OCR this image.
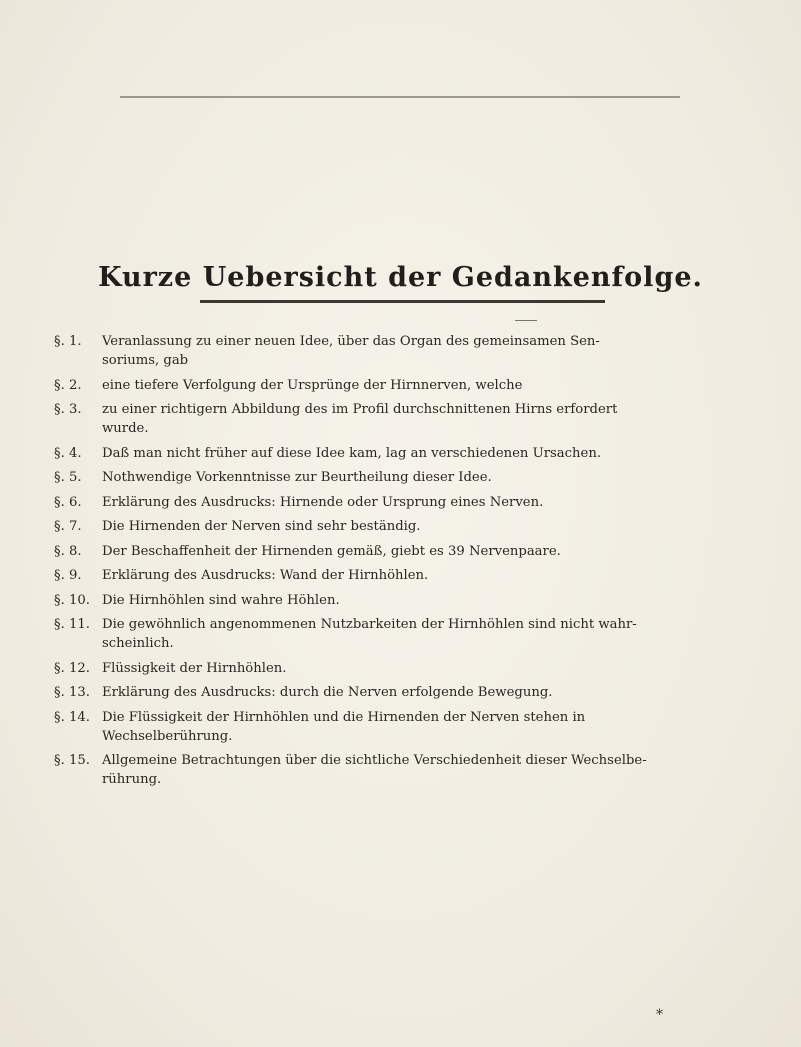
Kurze Uebersicht der Gedankenfolge.
§. 1.	Veranlassung zu einer neuen Idee, über das Organ des gemeinsamen Sen-
soriums, gab
§. 2.	eine tiefere Verfolgung der Ursprünge der Hirnnerven, welche
§. 3.	zu einer richtigern Abbildung des im Profil durchschnittenen Hirns erfordert
wurde.
§. 4.	Daß man nicht früher auf diese Idee kam, lag an verschiedenen Ursachen.
§. 5.	Nothwendige Vorkenntnisse zur Beurtheilung dieser Idee.
§. 6.	Erklärung des Ausdrucks: Hirnende oder Ursprung eines Nerven.
§. 7.	Die Hirnenden der Nerven sind sehr beständig.
§. 8.	Der Beschaffenheit der Hirnenden gemäß, giebt es 39 Nervenpaare.
§. 9.	Erklärung des Ausdrucks: Wand der Hirnhöhlen.
§. 10. Die Hirnhöhlen sind wahre Höhlen.
§. 11. Die gewöhnlich angenommenen Nutzbarkeiten der Hirnhöhlen sind nicht wahr-
scheinlich.
§. 12. Flüssigkeit der Hirnhöhlen.
§. 13. Erklärung des Ausdrucks: durch die Nerven erfolgende Bewegung.
§. 14. Die Flüssigkeit der Hirnhöhlen und die Hirnenden der Nerven stehen in
Wechselberührung.
§. 15. Allgemeine Betrachtungen über die sichtliche Verschiedenheit dieser Wechselbe-
rührung.
*
